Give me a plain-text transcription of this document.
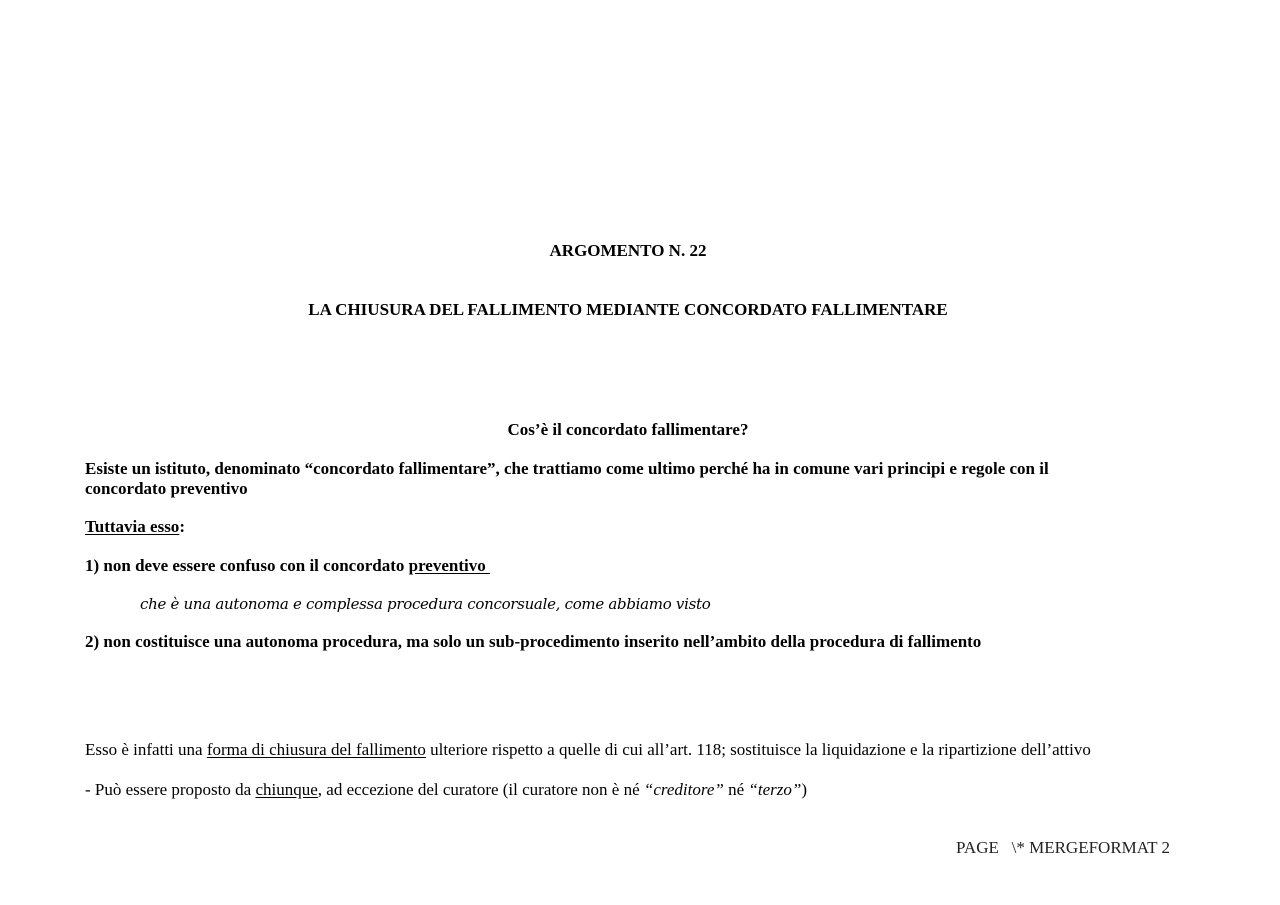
ARGOMENTO N. 22
LA CHIUSURA DEL FALLIMENTO MEDIANTE CONCORDATO FALLIMENTARE
Cos’è il concordato fallimentare?
Esiste un istituto, denominato “concordato fallimentare”, che trattiamo come ultimo perché ha in comune vari principi e regole con il
concordato preventivo
Tuttavia esso:
1) non deve essere confuso con il concordato preventivo
che è una autonoma e complessa procedura concorsuale, come abbiamo visto
2) non costituisce una autonoma procedura, ma solo un sub-procedimento inserito nell’ambito della procedura di fallimento
Esso è infatti una forma di chiusura del fallimento ulteriore rispetto a quelle di cui all’art. 118; sostituisce la liquidazione e la ripartizione dell’attivo
- Può essere proposto da chiunque, ad eccezione del curatore (il curatore non è né “creditore” né “terzo”)
PAGE   \* MERGEFORMAT 2
